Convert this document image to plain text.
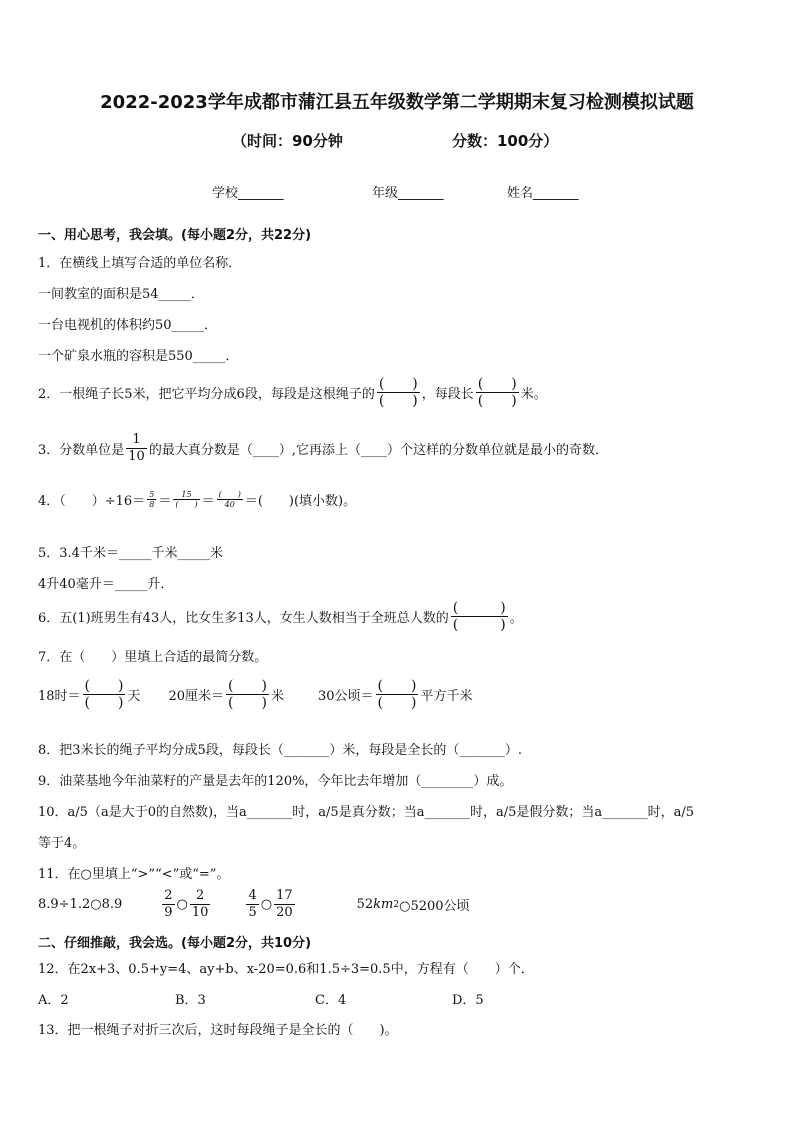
2022-2023学年成都市蒲江县五年级数学第二学期期末复习检测模拟试题
（时间：90分钟	分数：100分）
学校_______	年级_______	姓名_______
一、用心思考，我会填。(每小题2分，共22分)
1．在横线上填写合适的单位名称．
一间教室的面积是54_____．
一台电视机的体积约50_____．
一个矿泉水瓶的容积是550_____．
2．一根绳子长5米，把它平均分成6段，每段是这根绳子的 $\frac{( )}{( )}$ ，每段长 $\frac{( )}{( )}$ 米。
3．分数单位是 $\frac{1}{10}$ 的最大真分数是（____）,它再添上（____）个这样的分数单位就是最小的奇数．
4．（　　）$\div 16= \frac{5}{8} = \frac{15}{( )} = \frac{( )}{40}$ ＝(　　)(填小数)。
5．3.4千米＝_____千米_____米
4升40毫升＝_____升．
6．五(1)班男生有43人，比女生多13人，女生人数相当于全班总人数的 $\frac{( )}{( )}$ 。
7．在（　　）里填上合适的最简分数。
18时＝ $\frac{( )}{( )}$ 天 20厘米＝ $\frac{( )}{( )}$ 米	30公顷＝ $\frac{( )}{( )}$ 平方千米
8．把3米长的绳子平均分成5段，每段长（_______）米，每段是全长的（_______）.
9．油菜基地今年油菜籽的产量是去年的120%，今年比去年增加（________）成。
10．a/5（a是大于0的自然数)，当a_______时，a/5是真分数；当a_______时，a/5是假分数；当a_______时，a/5
等于4。
11．在○里填上“>”“<”或“=”。
8.9÷1.2○8.9	$\frac{2}{9}$ ○ $\frac{2}{10}$	$\frac{4}{5}$ ○ $\frac{17}{20}$	52 km 2 ○5200公顷
二、仔细推敲，我会选。(每小题2分，共10分)
12．在2x+3、0.5+y=4、ay+b、x-20=0.6和1.5÷3=0.5中，方程有（　　）个．
A．2	B．3	C．4	D．5
13．把一根绳子对折三次后，这时每段绳子是全长的（　　)。
